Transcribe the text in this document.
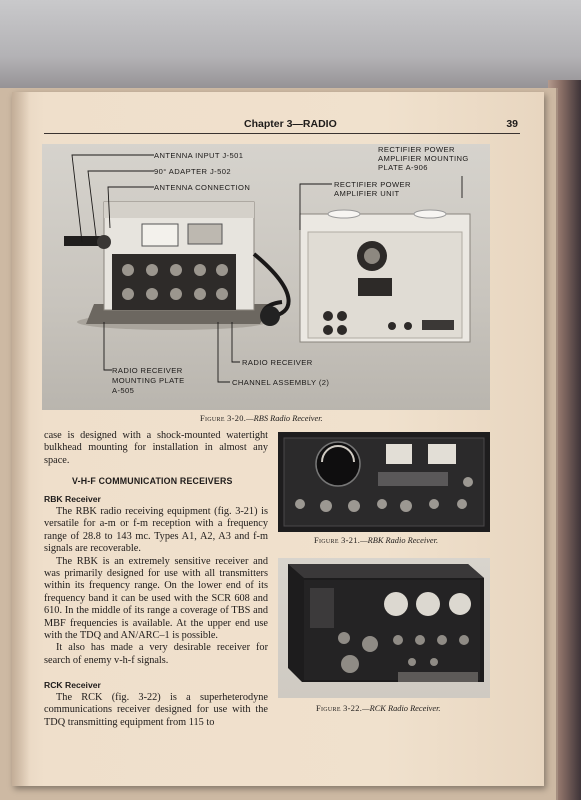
Chapter 3—RADIO	39
ANTENNA INPUT J-501
90° ADAPTER J-502
ANTENNA CONNECTION
RECTIFIER POWER
AMPLIFIER MOUNTING
PLATE A-906
RECTIFIER POWER
AMPLIFIER UNIT
RADIO RECEIVER
MOUNTING PLATE
A-505
RADIO RECEIVER
CHANNEL ASSEMBLY (2)
Figure 3-20.—RBS Radio Receiver.

case is designed with a shock-mounted watertight bulkhead mounting for installation in almost any space.

V-H-F COMMUNICATION RECEIVERS
RBK Receiver

The RBK radio receiving equipment (fig. 3-21) is versatile for a-m or f-m reception with a frequency range of 28.8 to 143 mc. Types A1, A2, A3 and f-m signals are recoverable.

The RBK is an extremely sensitive receiver and was primarily designed for use with all transmitters within its frequency range. On the lower end of its frequency band it can be used with the SCR 608 and 610. In the middle of its range a coverage of TBS and MBF frequencies is available. At the upper end use with the TDQ and AN/ARC–1 is possible.

It also has made a very desirable receiver for search of enemy v-h-f signals.

RCK Receiver

The RCK (fig. 3-22) is a superheterodyne communications receiver designed for use with the TDQ transmitting equipment from 115 to

Figure 3-21.—RBK Radio Receiver.
Figure 3-22.—RCK Radio Receiver.
